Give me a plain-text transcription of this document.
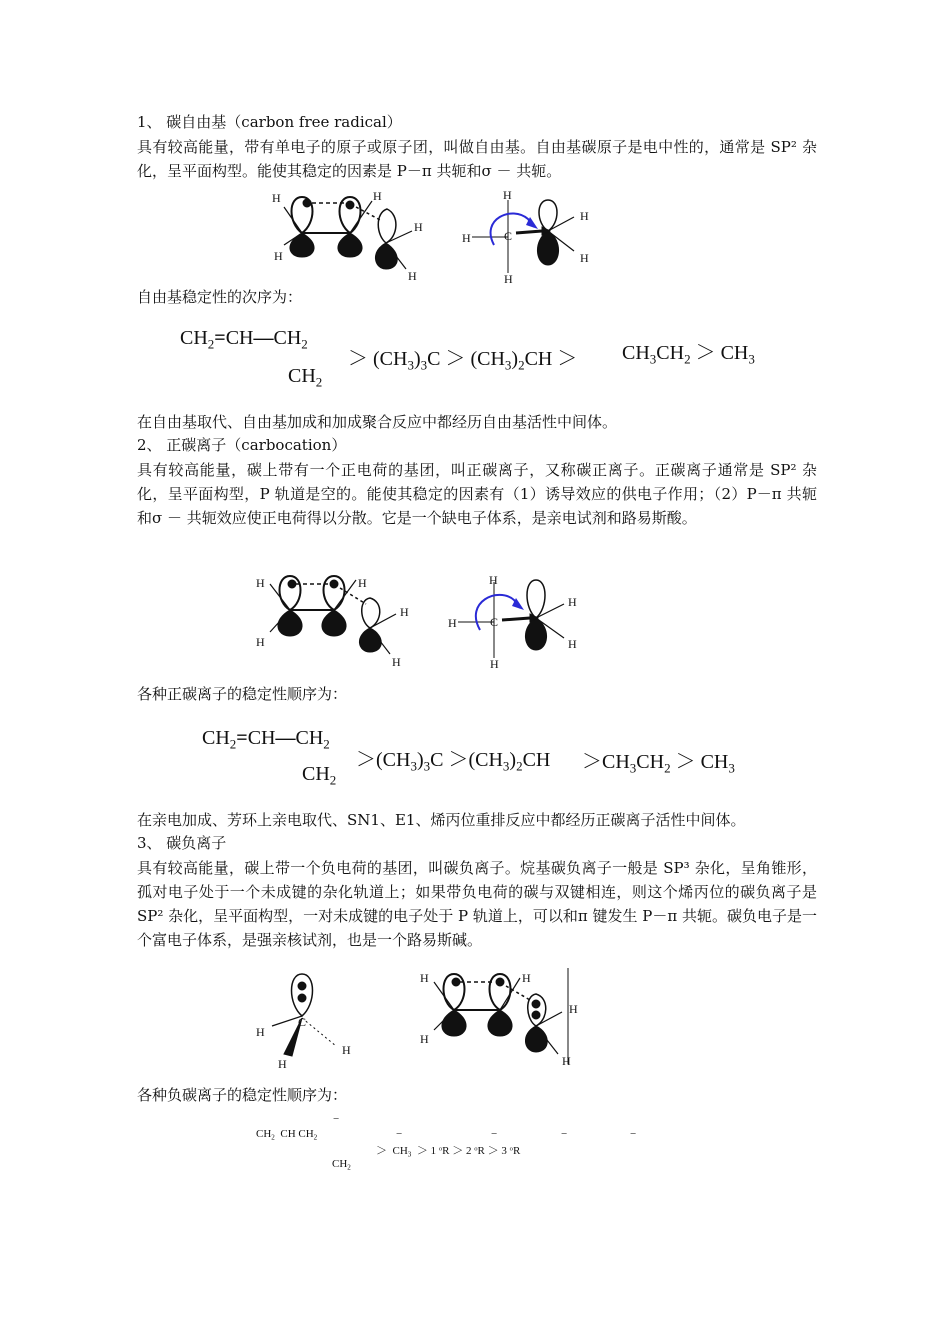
1、 碳自由基（carbon free radical）
具有较高能量，带有单电子的原子或原子团，叫做自由基。自由基碳原子是电中性的，通常是 SP² 杂化，呈平面构型。能使其稳定的因素是 P－π 共轭和σ － 共轭。
H	H
H
H
H
H
H	C
H
H
H
自由基稳定性的次序为：
$CH_2=CH—CH_2$
$CH_2$
＞ $(CH_3)_3C > (CH_3)_2CH > CH_3CH_2 > CH_3$
在自由基取代、自由基加成和加成聚合反应中都经历自由基活性中间体。
2、 正碳离子（carbocation）
具有较高能量，碳上带有一个正电荷的基团，叫正碳离子，又称碳正离子。正碳离子通常是 SP² 杂化，呈平面构型，P 轨道是空的。能使其稳定的因素有（1）诱导效应的供电子作用；（2）P－π 共轭和σ － 共轭效应使正电荷得以分散。它是一个缺电子体系，是亲电试剂和路易斯酸。
H	H
H
H
H
H
H	C
H
H
H
各种正碳离子的稳定性顺序为：
$CH_2=CH—CH_2$
$CH_2$
$>(CH_3)_3C >(CH_3)_2CH >CH_3CH_2 > CH_3$
在亲电加成、芳环上亲电取代、SN1、E1、烯丙位重排反应中都经历正碳离子活性中间体。
3、 碳负离子
具有较高能量，碳上带一个负电荷的基团，叫碳负离子。烷基碳负离子一般是 SP³ 杂化，呈角锥形，孤对电子处于一个未成键的杂化轨道上；如果带负电荷的碳与双键相连，则这个烯丙位的碳负离子是 SP² 杂化，呈平面构型，一对未成键的电子处于 P 轨道上，可以和π 键发生 P－π 共轭。碳负电子是一个富电子体系，是强亲核试剂，也是一个路易斯碱。
C
H
H
H
H	H
H
H
H
各种负碳离子的稳定性顺序为：
$CH_2$ CH $CH_2$
−
$CH_2$
＞ $CH_3 > 1$ $^o$R ＞ 2 $^o$R ＞ 3 $^o$R
−	−	−	−
